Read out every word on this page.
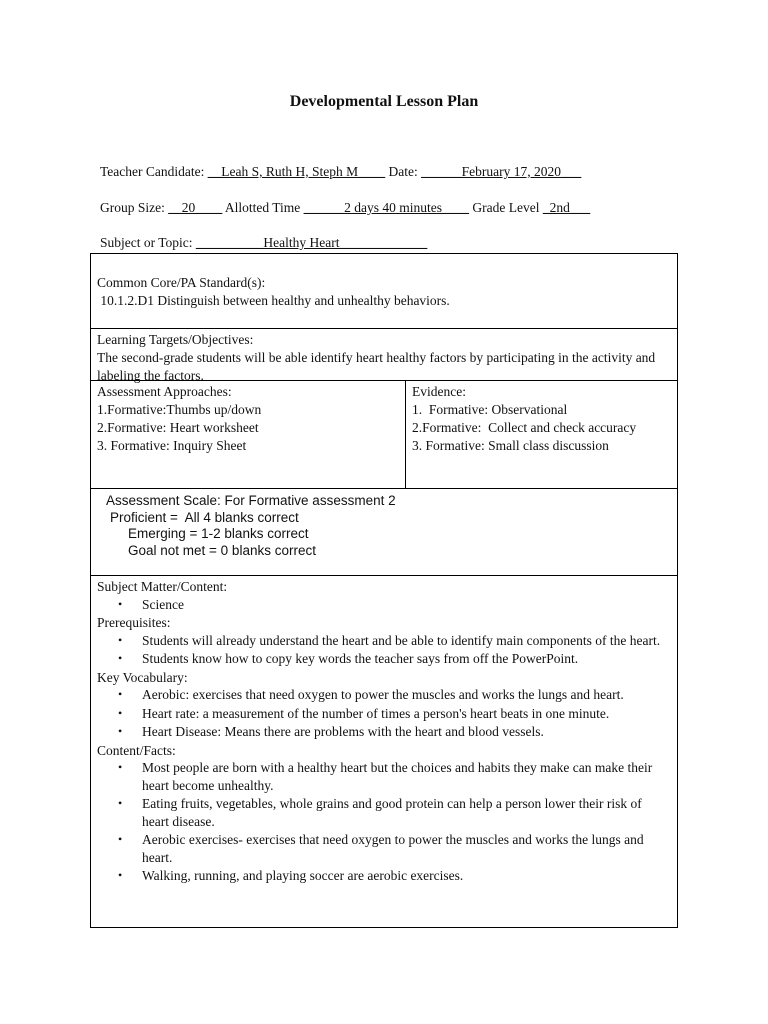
Developmental Lesson Plan
Teacher Candidate: __Leah S, Ruth H, Steph M____ Date: ______February 17, 2020___
Group Size: __20____ Allotted Time ______2 days 40 minutes____ Grade Level _2nd___
Subject or Topic: __________Healthy Heart_____________
Common Core/PA Standard(s):
10.1.2.D1 Distinguish between healthy and unhealthy behaviors.
Learning Targets/Objectives:
The second-grade students will be able identify heart healthy factors by participating in the activity and labeling the factors.
Assessment Approaches:
1.Formative:Thumbs up/down
2.Formative: Heart worksheet
3. Formative: Inquiry Sheet
Evidence:
1.  Formative: Observational
2.Formative:  Collect and check accuracy
3. Formative: Small class discussion
Assessment Scale: For Formative assessment 2
Proficient =  All 4 blanks correct
Emerging = 1-2 blanks correct
Goal not met = 0 blanks correct
Subject Matter/Content:
• Science
Prerequisites:
• Students will already understand the heart and be able to identify main components of the heart.
• Students know how to copy key words the teacher says from off the PowerPoint.
Key Vocabulary:
• Aerobic: exercises that need oxygen to power the muscles and works the lungs and heart.
• Heart rate: a measurement of the number of times a person's heart beats in one minute.
• Heart Disease: Means there are problems with the heart and blood vessels.
Content/Facts:
• Most people are born with a healthy heart but the choices and habits they make can make their heart become unhealthy.
• Eating fruits, vegetables, whole grains and good protein can help a person lower their risk of heart disease.
• Aerobic exercises- exercises that need oxygen to power the muscles and works the lungs and heart.
• Walking, running, and playing soccer are aerobic exercises.
